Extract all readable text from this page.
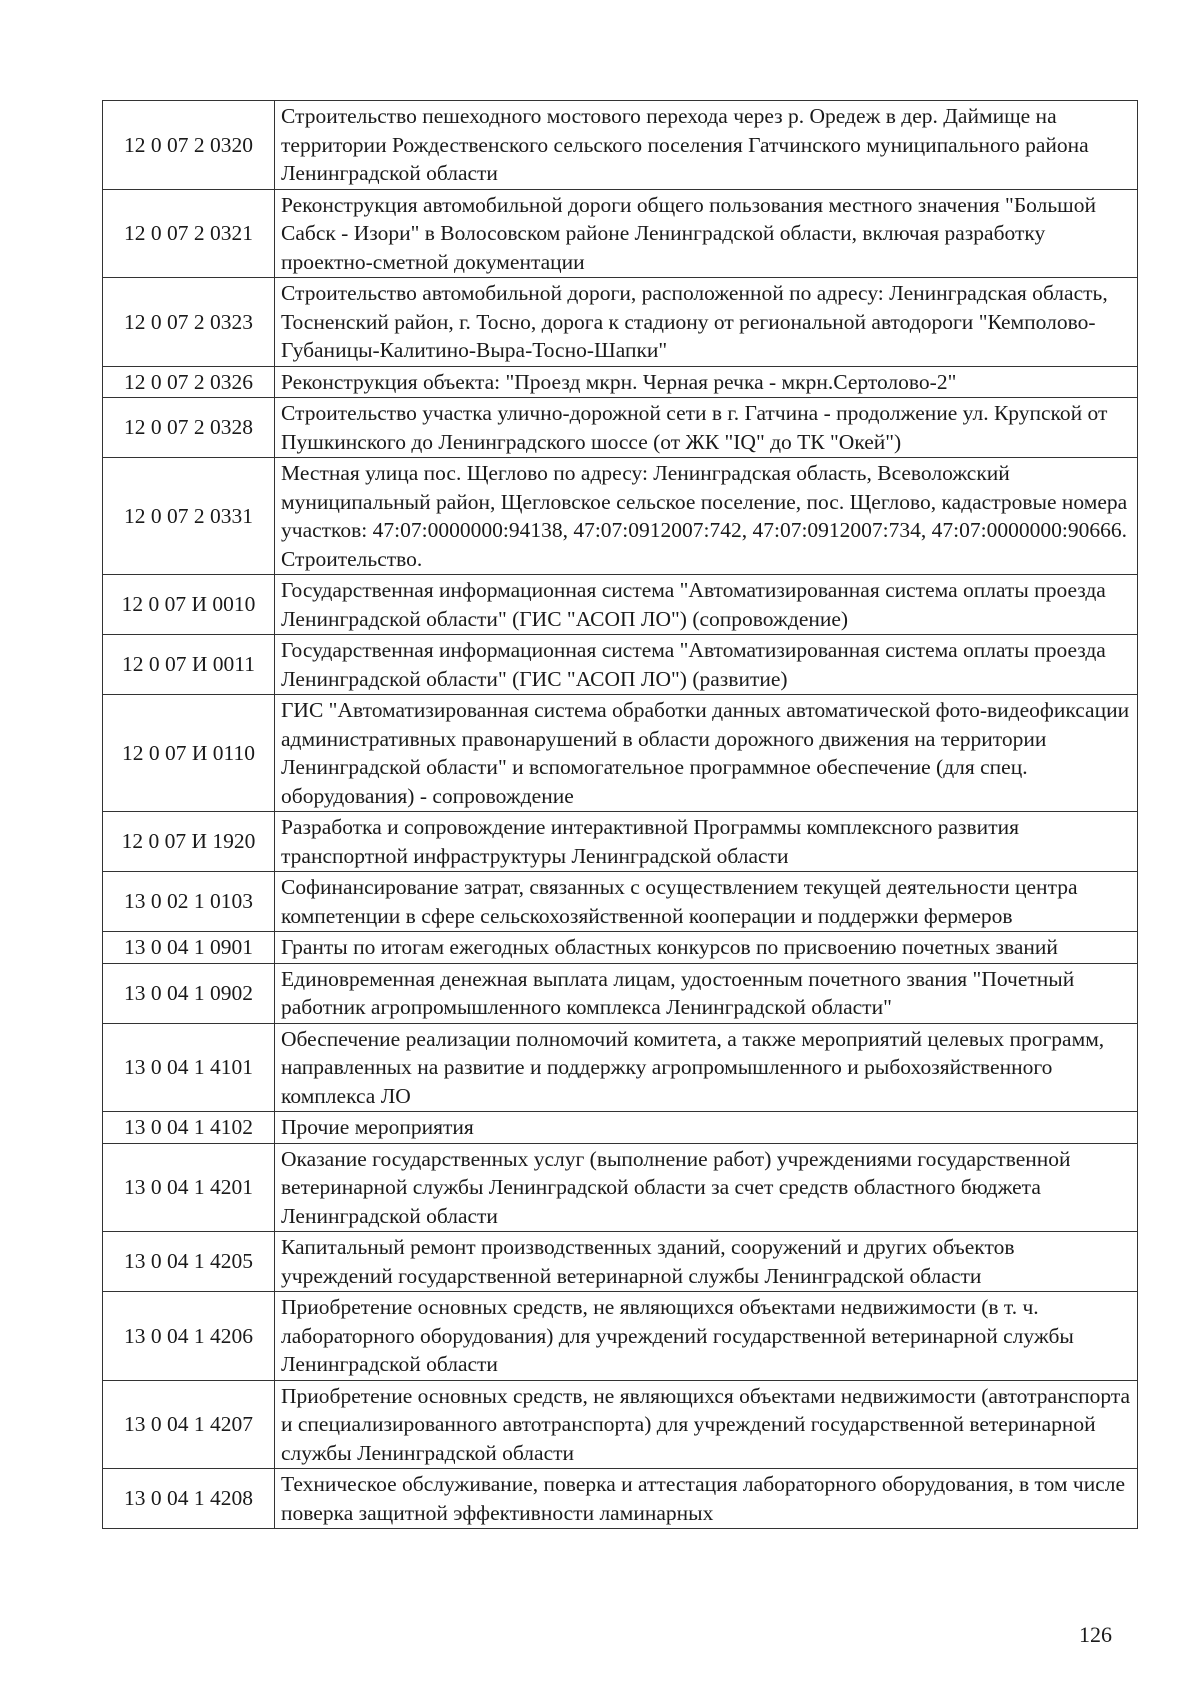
12 0 07 2 0320	Строительство пешеходного мостового перехода через р. Оредеж в дер. Даймище на территории Рождественского сельского поселения Гатчинского муниципального района Ленинградской области
12 0 07 2 0321	Реконструкция автомобильной дороги общего пользования местного значения "Большой Сабск - Изори" в Волосовском районе Ленинградской области, включая разработку проектно-сметной документации
12 0 07 2 0323	Строительство автомобильной дороги, расположенной по адресу: Ленинградская область, Тосненский район, г. Тосно, дорога к стадиону от региональной автодороги "Кемполово-Губаницы-Калитино-Выра-Тосно-Шапки"
12 0 07 2 0326	Реконструкция объекта: "Проезд мкрн. Черная речка - мкрн.Сертолово-2"
12 0 07 2 0328	Строительство участка улично-дорожной сети в г. Гатчина - продолжение ул. Крупской от Пушкинского до Ленинградского шоссе (от ЖК "IQ" до ТК "Окей")
12 0 07 2 0331	Местная улица пос. Щеглово по адресу: Ленинградская область, Всеволожский муниципальный район, Щегловское сельское поселение, пос. Щеглово, кадастровые номера участков: 47:07:0000000:94138, 47:07:0912007:742, 47:07:0912007:734, 47:07:0000000:90666. Строительство.
12 0 07 И 0010	Государственная информационная система "Автоматизированная система оплаты проезда Ленинградской области" (ГИС "АСОП ЛО") (сопровождение)
12 0 07 И 0011	Государственная информационная система "Автоматизированная система оплаты проезда Ленинградской области" (ГИС "АСОП ЛО") (развитие)
12 0 07 И 0110	ГИС "Автоматизированная система обработки данных автоматической фото-видеофиксации административных правонарушений в области дорожного движения на территории Ленинградской области" и вспомогательное программное обеспечение (для спец. оборудования) - сопровождение
12 0 07 И 1920	Разработка и сопровождение интерактивной Программы комплексного развития транспортной инфраструктуры Ленинградской области
13 0 02 1 0103	Софинансирование затрат, связанных с осуществлением текущей деятельности центра компетенции в сфере сельскохозяйственной кооперации и поддержки фермеров
13 0 04 1 0901	Гранты по итогам ежегодных областных конкурсов по присвоению почетных званий
13 0 04 1 0902	Единовременная денежная выплата лицам, удостоенным почетного звания "Почетный работник агропромышленного комплекса Ленинградской области"
13 0 04 1 4101	Обеспечение реализации полномочий комитета, а также мероприятий целевых программ, направленных на развитие и поддержку агропромышленного и рыбохозяйственного комплекса ЛО
13 0 04 1 4102	Прочие мероприятия
13 0 04 1 4201	Оказание государственных услуг (выполнение работ) учреждениями государственной ветеринарной службы Ленинградской области за счет средств областного бюджета Ленинградской области
13 0 04 1 4205	Капитальный ремонт производственных зданий, сооружений и других объектов учреждений государственной ветеринарной службы Ленинградской области
13 0 04 1 4206	Приобретение основных средств, не являющихся объектами недвижимости (в т. ч. лабораторного оборудования) для учреждений государственной ветеринарной службы Ленинградской области
13 0 04 1 4207	Приобретение основных средств, не являющихся объектами недвижимости (автотранспорта и специализированного автотранспорта) для учреждений государственной ветеринарной службы Ленинградской области
13 0 04 1 4208	Техническое обслуживание, поверка и аттестация лабораторного оборудования, в том числе поверка защитной эффективности ламинарных
126
